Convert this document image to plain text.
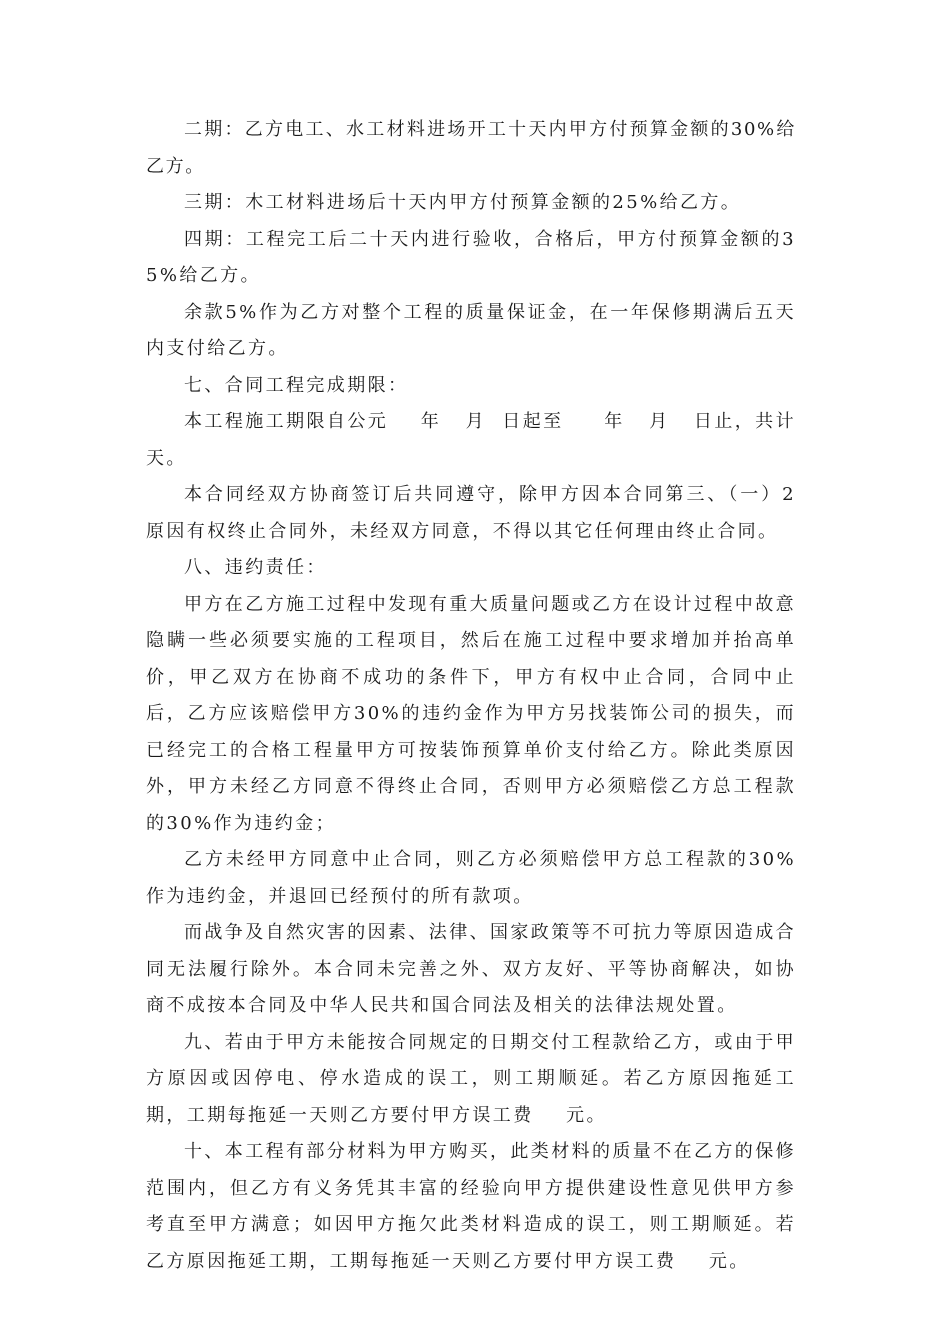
二期：乙方电工、水工材料进场开工十天内甲方付预算金额的30%给乙方。

三期：木工材料进场后十天内甲方付预算金额的25%给乙方。

四期：工程完工后二十天内进行验收，合格后，甲方付预算金额的35%给乙方。

余款5%作为乙方对整个工程的质量保证金，在一年保修期满后五天内支付给乙方。

七、合同工程完成期限：

本工程施工期限自公元    年   月  日起至     年   月   日止，共计   天。

本合同经双方协商签订后共同遵守，除甲方因本合同第三、（一）2原因有权终止合同外，未经双方同意，不得以其它任何理由终止合同。

八、违约责任：

甲方在乙方施工过程中发现有重大质量问题或乙方在设计过程中故意隐瞒一些必须要实施的工程项目，然后在施工过程中要求增加并抬高单价，甲乙双方在协商不成功的条件下，甲方有权中止合同，合同中止后，乙方应该赔偿甲方30%的违约金作为甲方另找装饰公司的损失，而已经完工的合格工程量甲方可按装饰预算单价支付给乙方。除此类原因外，甲方未经乙方同意不得终止合同，否则甲方必须赔偿乙方总工程款的30%作为违约金；

乙方未经甲方同意中止合同，则乙方必须赔偿甲方总工程款的30%作为违约金，并退回已经预付的所有款项。

而战争及自然灾害的因素、法律、国家政策等不可抗力等原因造成合同无法履行除外。本合同未完善之外、双方友好、平等协商解决，如协商不成按本合同及中华人民共和国合同法及相关的法律法规处置。

九、若由于甲方未能按合同规定的日期交付工程款给乙方，或由于甲方原因或因停电、停水造成的误工，则工期顺延。若乙方原因拖延工期，工期每拖延一天则乙方要付甲方误工费    元。

十、本工程有部分材料为甲方购买，此类材料的质量不在乙方的保修范围内，但乙方有义务凭其丰富的经验向甲方提供建设性意见供甲方参考直至甲方满意；如因甲方拖欠此类材料造成的误工，则工期顺延。若乙方原因拖延工期，工期每拖延一天则乙方要付甲方误工费    元。
